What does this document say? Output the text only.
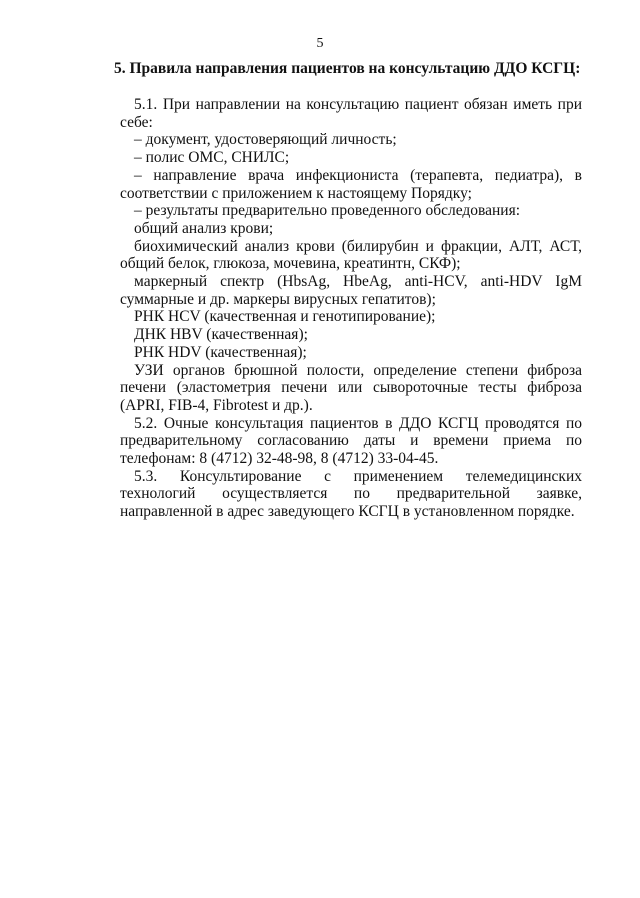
5
5. Правила направления пациентов на консультацию ДДО КСГЦ:

5.1. При направлении на консультацию пациент обязан иметь при себе:

– документ, удостоверяющий личность;

– полис ОМС, СНИЛС;

– направление врача инфекциониста (терапевта, педиатра), в соответствии с приложением к настоящему Порядку;

– результаты предварительно проведенного обследования:

общий анализ крови;

биохимический анализ крови (билирубин и фракции, АЛТ, АСТ, общий белок, глюкоза, мочевина, креатинтн, СКФ);

маркерный спектр (HbsAg, HbeAg, anti-HCV, anti-HDV IgM суммарные и др. маркеры вирусных гепатитов);

РНК HCV (качественная и генотипирование);

ДНК HBV (качественная);

РНК HDV (качественная);

УЗИ органов брюшной полости, определение степени фиброза печени (эластометрия печени или сывороточные тесты фиброза (APRI, FIB-4, Fibrotest и др.).

5.2. Очные консультация пациентов в ДДО КСГЦ проводятся по предварительному согласованию даты и времени приема по телефонам: 8 (4712) 32-48-98, 8 (4712) 33-04-45.

5.3. Консультирование с применением телемедицинских технологий осуществляется по предварительной заявке, направленной в адрес заведующего КСГЦ в установленном порядке.
